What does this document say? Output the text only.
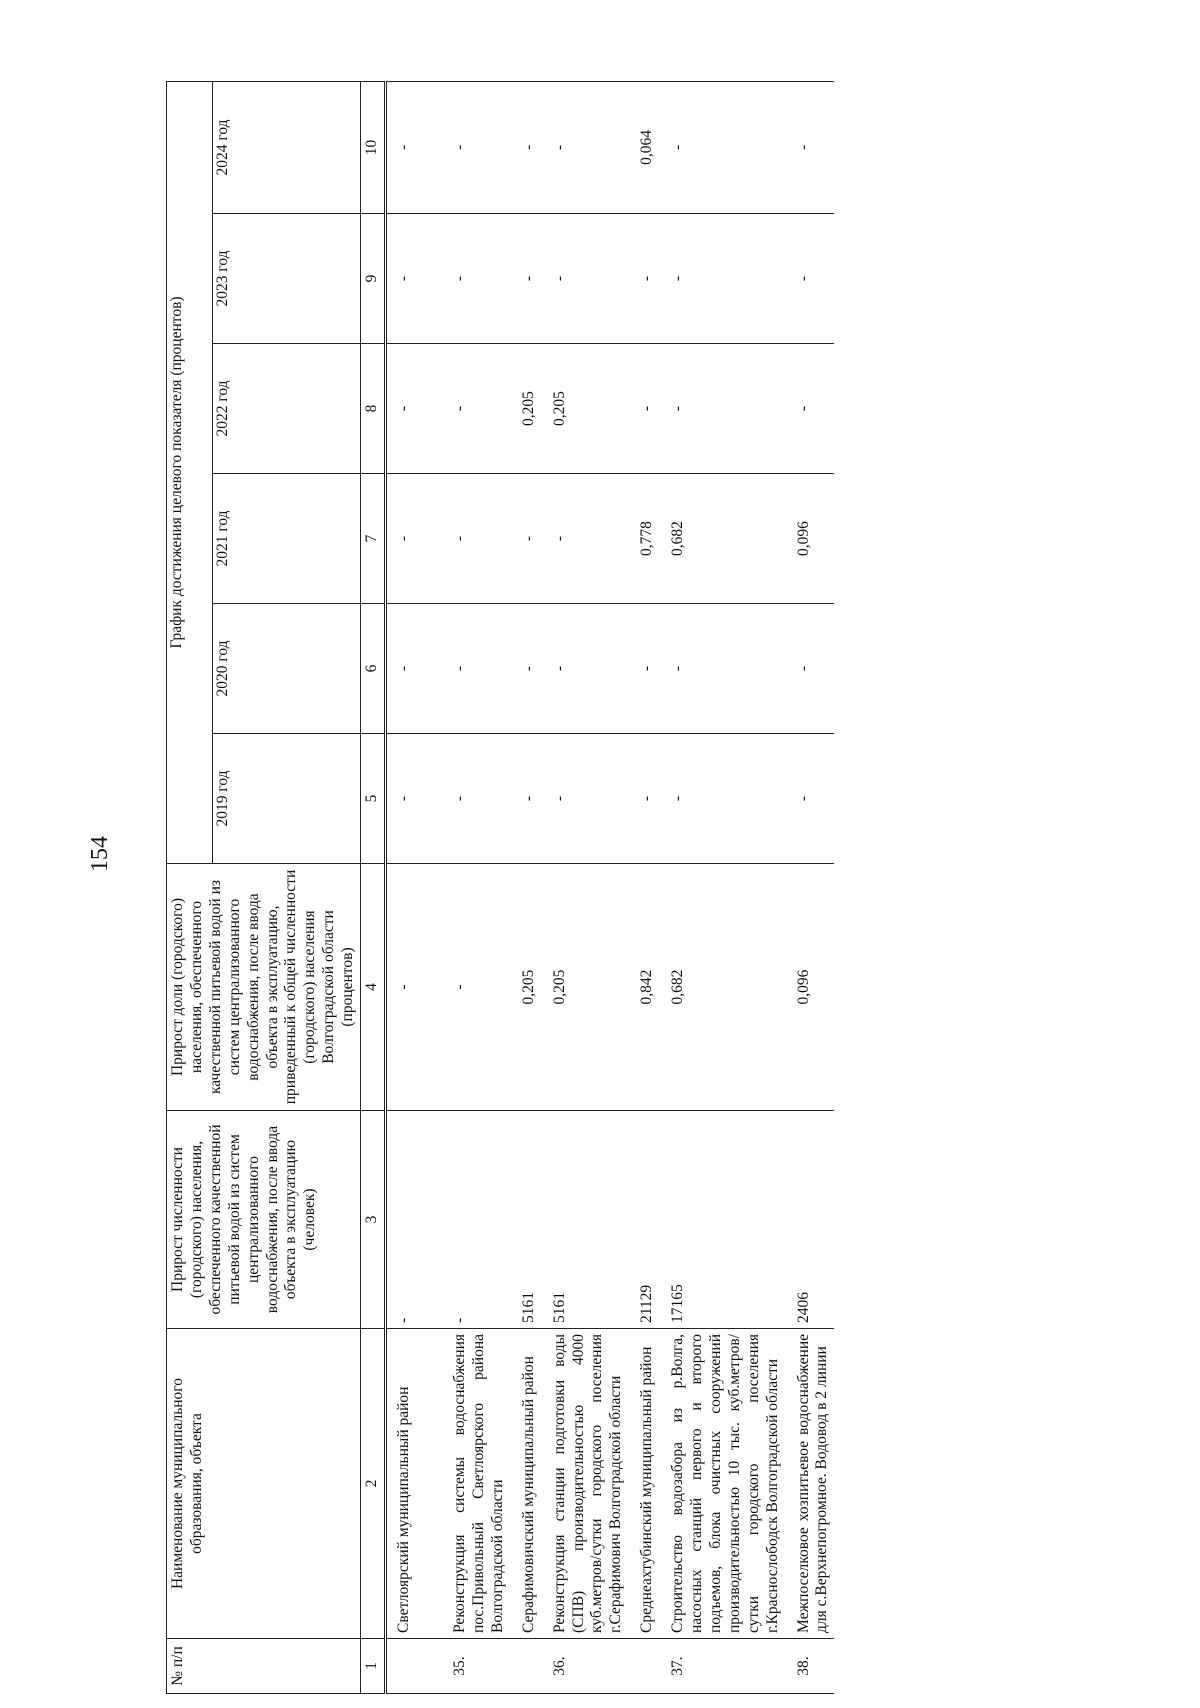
154
№ п/п	Наименование муниципального образования, объекта	Прирост численности (городского) населения, обеспеченного качественной питьевой водой из систем централизованного водоснабжения, после ввода объекта в эксплуатацию (человек)	Прирост доли (городского) населения, обеспеченного качественной питьевой водой из систем централизованного водоснабжения, после ввода объекта в эксплуатацию, приведенный к общей численности (городского) населения Волгоградской области (процентов)	График достижения целевого показателя (процентов)					
				2019 год	2020 год	2021 год	2022 год	2023 год	2024 год
1	2	3	4	5	6	7	8	9	10
	Светлоярский муниципальный район	-	-	-	-	-	-	-	-
35.	Реконструкция системы водоснабжения пос.Привольный Светлоярского района Волгоградской области	-	-	-	-	-	-	-	-
	Серафимовичский муниципальный район	5161	0,205	-	-	-	0,205	-	-
36.	Реконструкция станции подготовки воды (СПВ) производительностью 4000 куб.метров/сутки городского поселения г.Серафимович Волгоградской области	5161	0,205	-	-	-	0,205	-	-
	Среднеахтубинский муниципальный район	21129	0,842	-	-	0,778	-	-	0,064
37.	Строительство водозабора из р.Волга, насосных станций первого и второго подъемов, блока очистных сооружений производительностью 10 тыс. куб.метров/сутки городского поселения г.Краснослободск Волгоградской области	17165	0,682	-	-	0,682	-	-	-
38.	Межпоселковое хозпитьевое водоснабжение для с.Верхнепогромное. Водовод в 2 линии	2406	0,096	-	-	0,096	-	-	-
